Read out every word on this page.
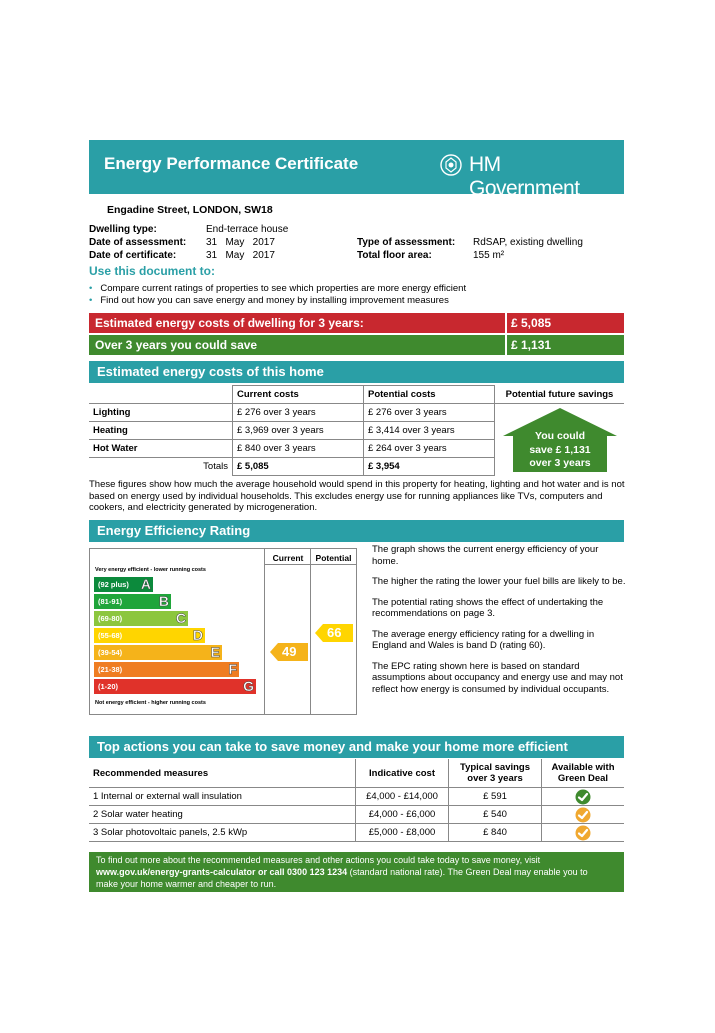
Energy Performance Certificate	HM Government
Engadine Street, LONDON, SW18
Dwelling type:	End-terrace house
Date of assessment: 31   May   2017
Date of certificate:	31   May   2017
Type of assessment: RdSAP, existing dwelling
Total floor area:	155 m²
Use this document to:
• Compare current ratings of properties to see which properties are more energy efficient
• Find out how you can save energy and money by installing improvement measures
Estimated energy costs of dwelling for 3 years:	£ 5,085
Over 3 years you could save	£ 1,131
Estimated energy costs of this home
	Current costs	Potential costs	Potential future savings
Lighting	£ 276 over 3 years	£ 276 over 3 years	You could
save £ 1,131
over 3 years

Heating	£ 3,969 over 3 years	£ 3,414 over 3 years	
Hot Water	£ 840 over 3 years	£ 264 over 3 years	
Totals	£ 5,085	£ 3,954	
These figures show how much the average household would spend in this property for heating, lighting and hot water and is not based on energy used by individual households. This excludes energy use for running appliances like TVs, computers and cookers, and electricity generated by microgeneration.
Energy Efficiency Rating
Current	Potential
Very energy efficient - lower running costs
(92 plus) A
(81-91)	B
(69-80)	C
(55-68)	D
(39-54)	E
(21-38)	F
(1-20)	G
Not energy efficient - higher running costs
49
66
The graph shows the current energy efficiency of your home.
The higher the rating the lower your fuel bills are likely to be.
The potential rating shows the effect of undertaking the recommendations on page 3.
The average energy efficiency rating for a dwelling in England and Wales is band D (rating 60).
The EPC rating shown here is based on standard assumptions about occupancy and energy use and may not reflect how energy is consumed by individual occupants.
Top actions you can take to save money and make your home more efficient
Recommended measures	Indicative cost	Typical savings over 3 years	Available with Green Deal
1 Internal or external wall insulation	£4,000 - £14,000	£ 591	
2 Solar water heating	£4,000 - £6,000	£ 540	
3 Solar photovoltaic panels, 2.5 kWp	£5,000 - £8,000	£ 840	
To find out more about the recommended measures and other actions you could take today to save money, visit
www.gov.uk/energy-grants-calculator or call 0300 123 1234 (standard national rate). The Green Deal may enable you to
make your home warmer and cheaper to run.
